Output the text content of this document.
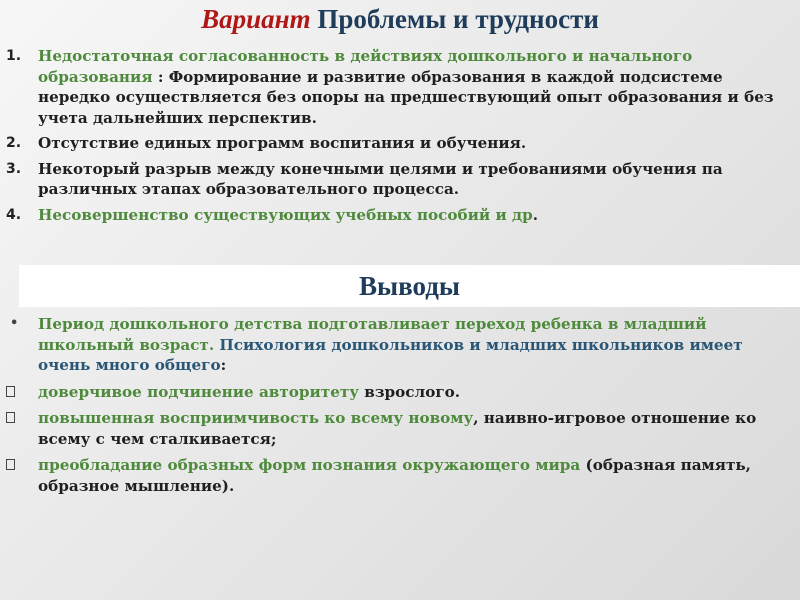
Вариант Проблемы и трудности
1. Недостаточная согласованность в действиях дошкольного и начального образования : Формирование и развитие образования в каждой подсистеме нередко осуществляется без опоры на предшествующий опыт образования и без учета дальнейших перспектив.
2. Отсутствие единых программ воспитания и обучения.
3. Некоторый разрыв между конечными целями и требованиями обучения па различных этапах образовательного процесса.
4. Несовершенство существующих учебных пособий и др.
Выводы
• Период дошкольного детства подготавливает переход ребенка в младший школьный возраст. Психология дошкольников и младших школьников имеет очень много общего:
доверчивое подчинение авторитету взрослого.
повышенная восприимчивость ко всему новому, наивно-игровое отношение ко всему с чем сталкивается;
преобладание образных форм познания окружающего мира (образная память, образное мышление).
